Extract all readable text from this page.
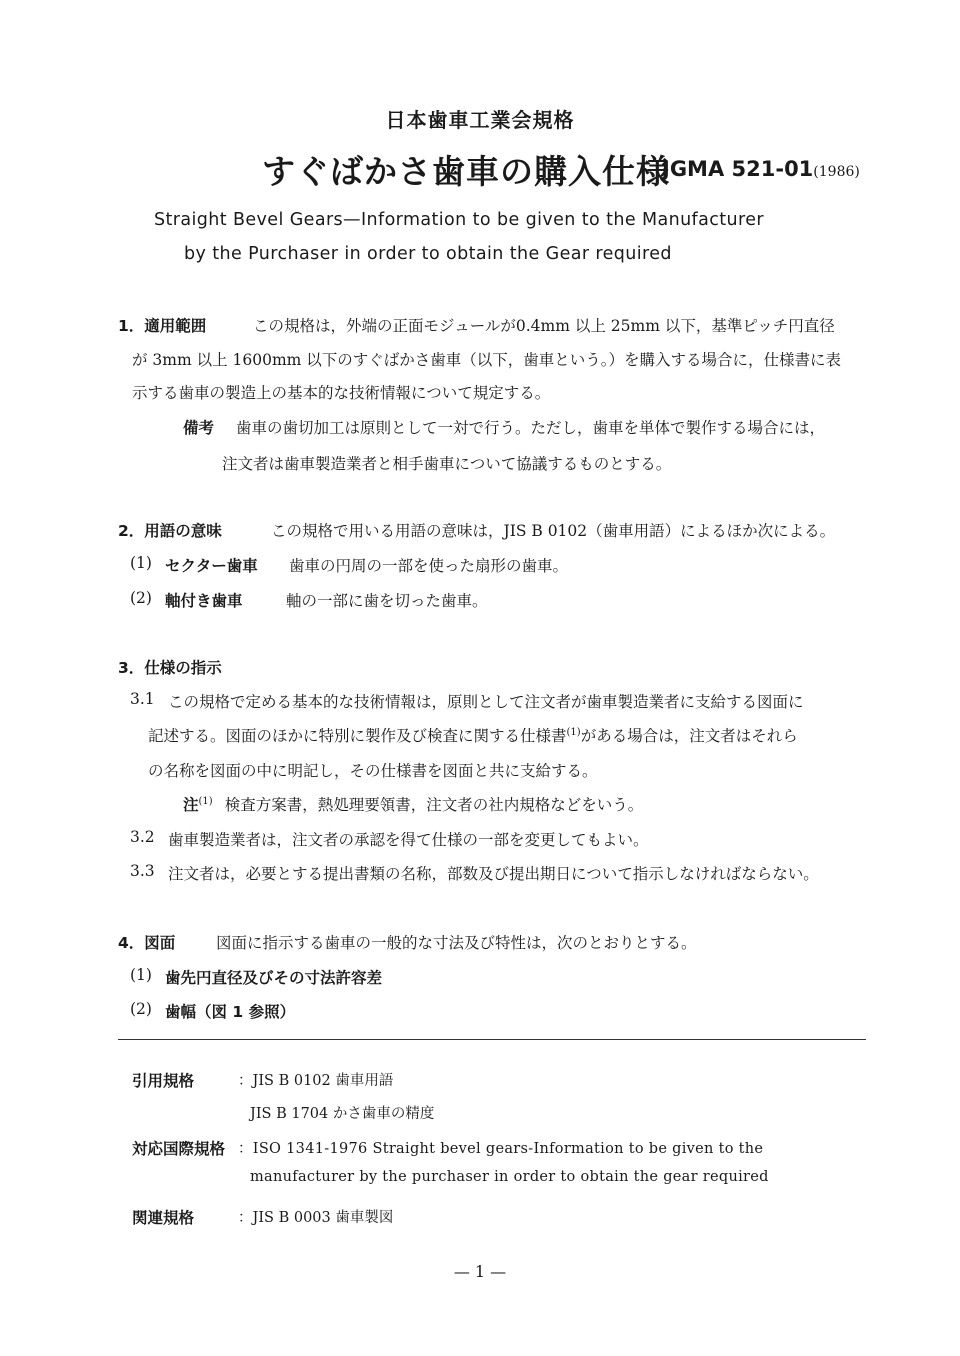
日本歯車工業会規格
すぐばかさ歯車の購入仕様
JGMA 521-01(1986)
Straight Bevel Gears—Information to be given to the Manufacturer
by the Purchaser in order to obtain the Gear required
1．適用範囲	この規格は，外端の正面モジュールが0.4mm 以上 25mm 以下，基準ピッチ円直径
が 3mm 以上 1600mm 以下のすぐばかさ歯車（以下，歯車という。）を購入する場合に，仕様書に表
示する歯車の製造上の基本的な技術情報について規定する。
備考 歯車の歯切加工は原則として一対で行う。ただし，歯車を単体で製作する場合には，
注文者は歯車製造業者と相手歯車について協議するものとする。
2．用語の意味	この規格で用いる用語の意味は，JIS B 0102（歯車用語）によるほか次による。
(1) セクター歯車 歯車の円周の一部を使った扇形の歯車。
(2) 軸付き歯車	軸の一部に歯を切った歯車。
3．仕様の指示
3.1 この規格で定める基本的な技術情報は，原則として注文者が歯車製造業者に支給する図面に
記述する。図面のほかに特別に製作及び検査に関する仕様書$^{(1)}$がある場合は，注文者はそれら
の名称を図面の中に明記し，その仕様書を図面と共に支給する。
注$^{(1)}$ 検査方案書，熱処理要領書，注文者の社内規格などをいう。
3.2 歯車製造業者は，注文者の承認を得て仕様の一部を変更してもよい。
3.3 注文者は，必要とする提出書類の名称，部数及び提出期日について指示しなければならない。
4．図面	図面に指示する歯車の一般的な寸法及び特性は，次のとおりとする。
(1) 歯先円直径及びその寸法許容差
(2) 歯幅（図 1 参照）
引用規格	：JIS B 0102 歯車用語
JIS B 1704 かさ歯車の精度
対応国際規格 ：ISO 1341-1976 Straight bevel gears-Information to be given to the
manufacturer by the purchaser in order to obtain the gear required
関連規格	：JIS B 0003 歯車製図
— 1 —
